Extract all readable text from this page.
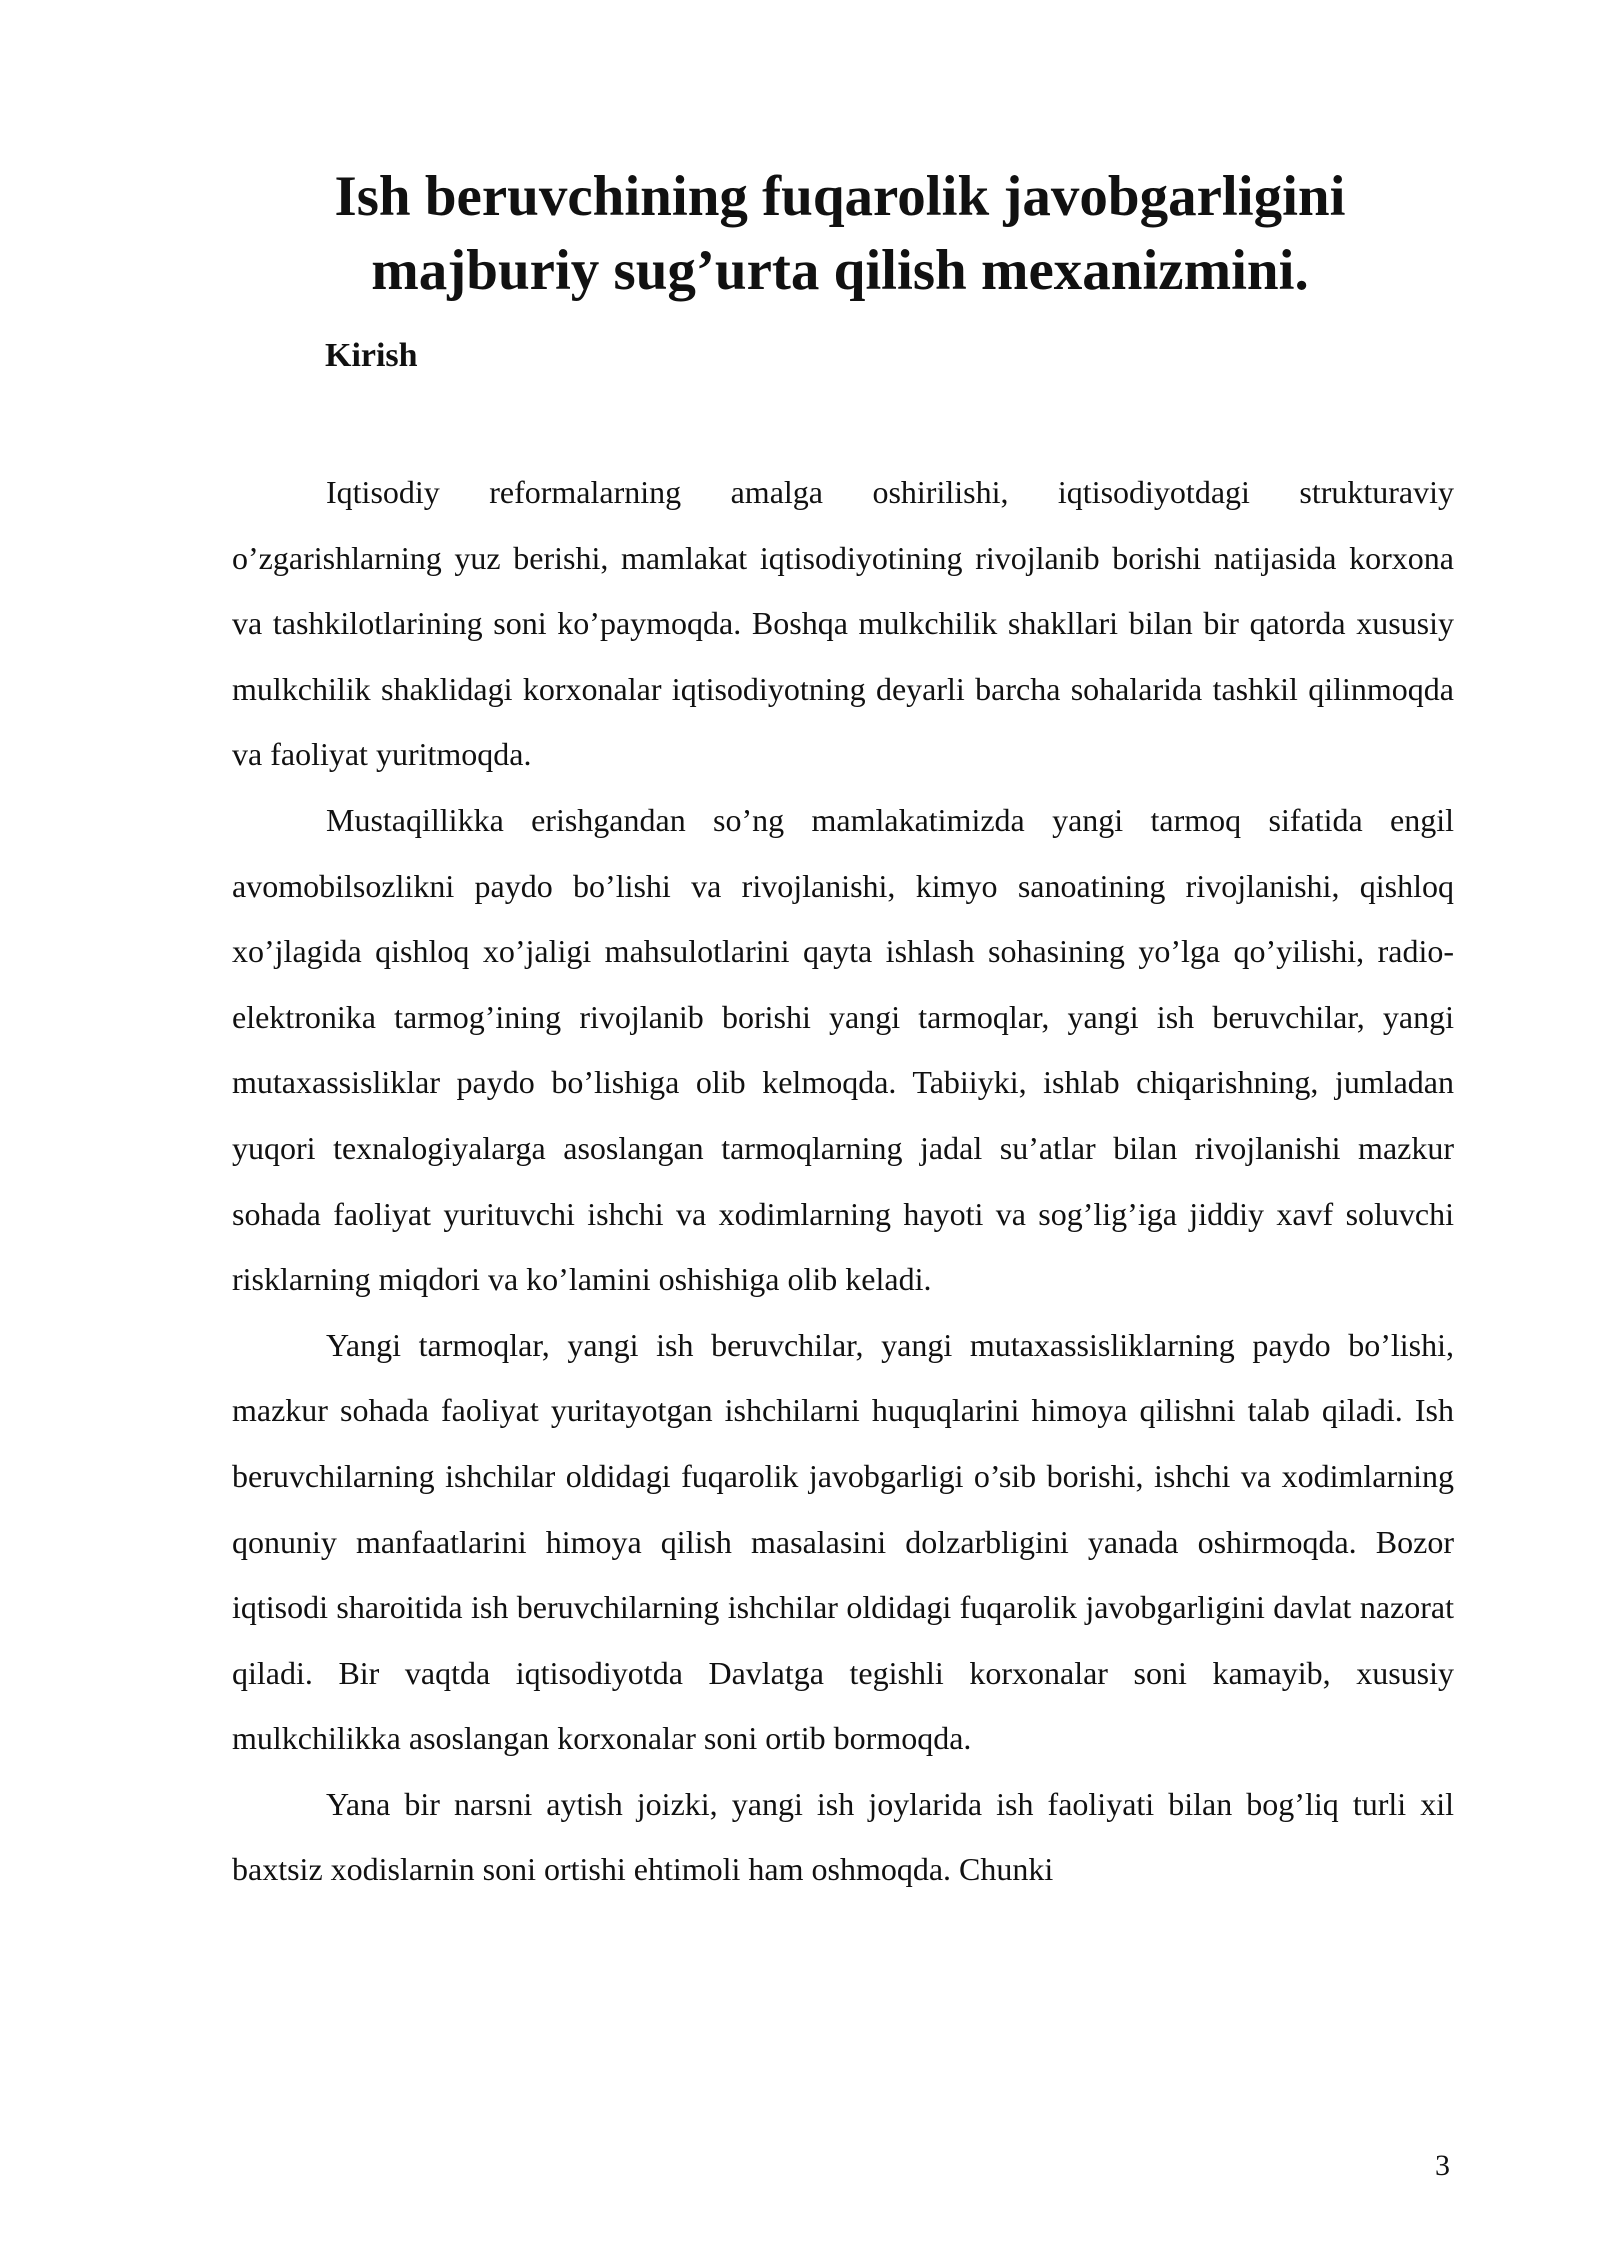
Ish beruvchining fuqarolik javobgarligini majburiy sug’urta qilish mexanizmini.
Kirish

Iqtisodiy reformalarning amalga oshirilishi, iqtisodiyotdagi strukturaviy o’zgarishlarning yuz berishi, mamlakat iqtisodiyotining rivojlanib borishi natijasida korxona va tashkilotlarining soni ko’paymoqda. Boshqa mulkchilik shakllari bilan bir qatorda xususiy mulkchilik shaklidagi korxonalar iqtisodiyotning deyarli barcha sohalarida tashkil qilinmoqda va faoliyat yuritmoqda.

Mustaqillikka erishgandan so’ng mamlakatimizda yangi tarmoq sifatida engil avomobilsozlikni paydo bo’lishi va rivojlanishi, kimyo sanoatining rivojlanishi, qishloq xo’jlagida qishloq xo’jaligi mahsulotlarini qayta ishlash sohasining yo’lga qo’yilishi, radio-elektronika tarmog’ining rivojlanib borishi yangi tarmoqlar, yangi ish beruvchilar, yangi mutaxassisliklar paydo bo’lishiga olib kelmoqda. Tabiiyki, ishlab chiqarishning, jumladan yuqori texnalogiyalarga asoslangan tarmoqlarning jadal su’atlar bilan rivojlanishi mazkur sohada faoliyat yurituvchi ishchi va xodimlarning hayoti va sog’lig’iga jiddiy xavf soluvchi risklarning miqdori va ko’lamini oshishiga olib keladi.

Yangi tarmoqlar, yangi ish beruvchilar, yangi mutaxassisliklarning paydo bo’lishi, mazkur sohada faoliyat yuritayotgan ishchilarni huquqlarini himoya qilishni talab qiladi. Ish beruvchilarning ishchilar oldidagi fuqarolik javobgarligi o’sib borishi, ishchi va xodimlarning qonuniy manfaatlarini himoya qilish masalasini dolzarbligini yanada oshirmoqda. Bozor iqtisodi sharoitida ish beruvchilarning ishchilar oldidagi fuqarolik javobgarligini davlat nazorat qiladi. Bir vaqtda iqtisodiyotda Davlatga tegishli korxonalar soni kamayib, xususiy mulkchilikka asoslangan korxonalar soni ortib bormoqda.

Yana bir narsni aytish joizki, yangi ish joylarida ish faoliyati bilan bog’liq turli xil baxtsiz xodislarnin soni ortishi ehtimoli ham oshmoqda. Chunki

3
